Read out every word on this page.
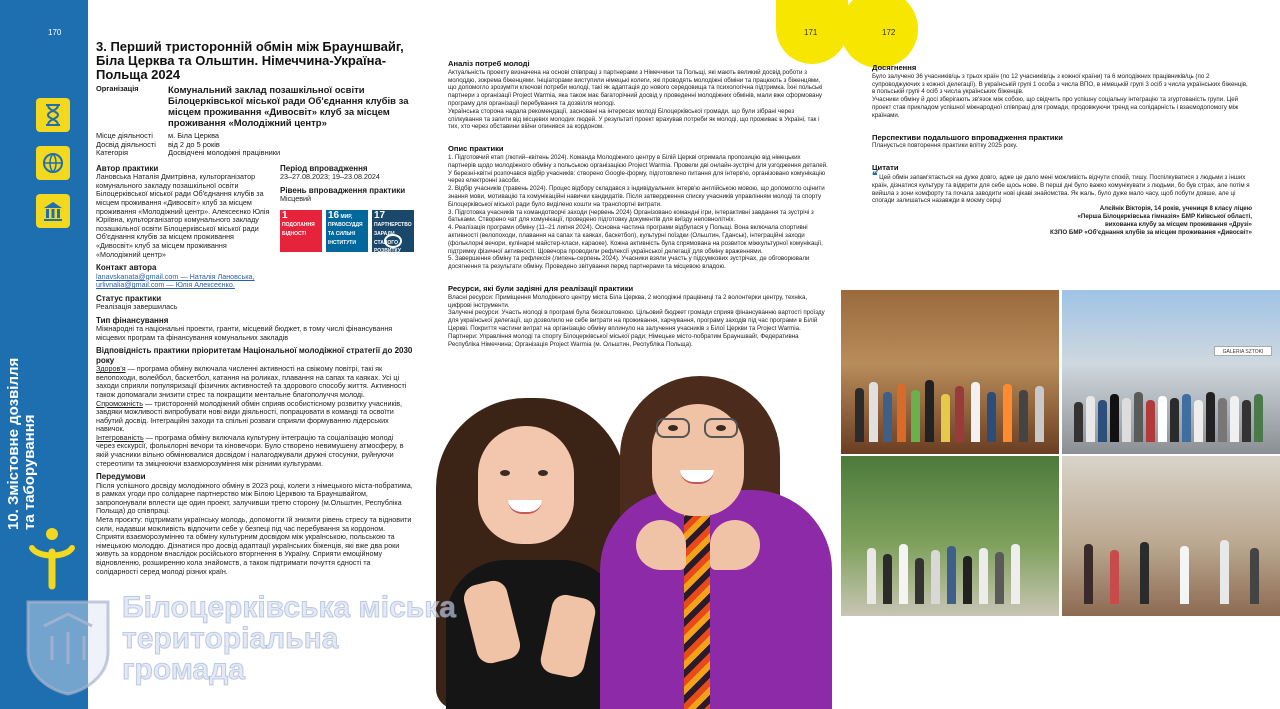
170
10. Змістовне дозвілля та таборування
3. Перший тристоронній обмін між Брауншвайг, Біла Церква та Ольштин. Німеччина-Україна-Польща 2024
Організація	Комунальний заклад позашкільної освіти Білоцерківської міської ради Об'єднання клубів за місцем проживання «Дивосвіт» клуб за місцем проживання «Молодіжний центр»
Місце діяльності	м. Біла Церква
Досвід діяльності	від 2 до 5 років
Категорія	Досвідчені молодіжні працівники
Автор практики
Лановська Наталія Дмитрівна, культорганізатор комунального закладу позашкільної освіти Білоцерківської міської ради Об'єднання клубів за місцем проживання «Дивосвіт» клуб за місцем проживання «Молодіжний центр». Алексеєнко Юлія Юріївна, культорганізатор комунального закладу позашкільної освіти Білоцерківської міської ради Об'єднання клубів за місцем проживання «Дивосвіт» клуб за місцем проживання «Молодіжний центр»
Період впровадження
23–27.08.2023; 19–23.08.2024
Рівень впровадження практики
Місцевий
1 ПОДОЛАННЯ БІДНОСТІ
16 МИР, ПРАВОСУДДЯ ТА СИЛЬНІ ІНСТИТУТИ
17 ПАРТНЕРСТВО ЗАРАДИ СТАЛОГО РОЗВИТКУ
Контакт автора
lanavskanata@gmail.com — Наталія Лановська,
urlivnalia@gmail.com — Юлія Алексеєнко.
Статус практики
Реалізація завершилась
Тип фінансування
Міжнародні та національні проекти, гранти, місцевий бюджет, в тому числі фінансування місцевих програм та фінансування комунальних закладів
Відповідність практики пріоритетам Національної молодіжної стратегії до 2030 року
Здоров'я — програма обміну включала численні активності на свіжому повітрі, такі як велопоходи, волейбол, баскетбол, катання на роликах, плавання на сапах та каяках. Усі ці заходи сприяли популяризації фізичних активностей та здорового способу життя. Активності також допомагали знизити стрес та покращити ментальне благополуччя молоді.
Спроможність — тристоронній молодіжний обмін сприяв особистісному розвитку учасників, завдяки можливості випробувати нові види діяльності, попрацювати в команді та освоїти набутий досвід. Інтеграційні заходи та спільні розваги сприяли формуванню лідерських навичок.
Інтегрованість — програма обміну включала культурну інтеграцію та соціалізацію молоді через екскурсії, фольклорні вечори та кіновечори. Було створено невимушену атмосферу, в якій учасники вільно обмінювалися досвідом і налагоджували дружні стосунки, руйнуючи стереотипи та зміцнюючи взаєморозуміння між різними культурами.
Передумови
Після успішного досвіду молодіжного обміну в 2023 році, колеги з німецького міста-побратима, в рамках угоди про солідарне партнерство між Білою Церквою та Брауншвайгом, запропонували вплести ще один проект, залучивши третю сторону (м.Ольштин, Республіка Польща) до співпраці.
Мета проєкту: підтримати українську молодь, допомогти їй знизити рівень стресу та відновити сили, надавши можливість відпочити себе у безпеці під час перебування за кордоном. Сприяти взаєморозумінню та обміну культурним досвідом між українською, польською та німецькою молоддю. Дізнатися про досвід адаптації українських біженців, які вже два роки живуть за кордоном внаслідок російського вторгнення в Україну. Сприяти емоційному відновленню, розширенню кола знайомств, а також підтримати почуття єдності та солідарності серед молоді різних країн.
171	172
Аналіз потреб молоді
Актуальність проекту визначена на основі співпраці з партнерами з Німеччини та Польщі, які мають великий досвід роботи з молоддю, зокрема біженцями. Ініціаторами виступили німецькі колеги, які проводять молодіжні обміни та працюють з біженцями, що допомогло зрозуміти ключові потреби молоді, такі як адаптація до нового середовища та психологічна підтримка. Їхні польські партнери з організації Project Warmia, яка також має багаторічний досвід у проведенні молодіжних обмінів, мали вже сформовану програму для організації перебування та дозвілля молоді.
Українська сторона надала рекомендації, засновані на інтересах молоді Білоцерківської громади, що були зібрані через спілкування та запити від місцевих молодих людей. У результаті проект врахував потреби як молоді, що проживає в Україні, так і тих, хто через обставини війни опинився за кордоном.
Опис практики
1. Підготовчий етап (лютий–квітень 2024). Команда Молодіжного центру в Білій Церкві отримала пропозицію від німецьких партнерів щодо молодіжного обміну з польською організацією Project Warmia. Провели дві онлайн-зустрічі для узгодження деталей. У березні-квітні розпочався відбір учасників: створено Google-форму, підготовлено питання для інтерв'ю, організовано комунікацію через електронні засоби.
2. Відбір учасників (травень 2024). Процес відбору складався з індивідуальних інтерв'ю англійською мовою, що допомогло оцінити знання мови, мотивацію та комунікаційні навички кандидатів. Після затвердження списку учасників управлінням молоді та спорту Білоцерківської міської ради було виділено кошти на транспортні витрати.
3. Підготовка учасників та командотворчі заходи (червень 2024) Організовано командні ігри, інтерактивні завдання та зустрічі з батьками. Створено чат для комунікації, проведено підготовку документів для виїзду неповнолітніх.
4. Реалізація програми обміну (11–21 липня 2024). Основна частина програми відбулася у Польщі. Вона включала спортивні активності (велопоходи, плавання на сапах та каяках, баскетбол), культурні поїздки (Ольштин, Гданськ), інтеграційні заходи (фольклорні вечори, кулінарні майстер-класи, караоке). Кожна активність була спрямована на розвиток міжкультурної комунікації, підтримку фізичної активності. Щовечора проводили рефлексії української делегації для обміну враженнями.
5. Завершення обміну та рефлексія (липень-серпень 2024). Учасники взяли участь у підсумкових зустрічах, де обговорювали досягнення та результати обміну. Проведено звітування перед партнерами та місцевою владою.
Ресурси, які були задіяні для реалізації практики
Власні ресурси: Приміщення Молодіжного центру міста Біла Церква, 2 молодіжні працівниці та 2 волонтерки центру, техніка, цифрові інструменти.
Залучені ресурси: Участь молоді в програмі була безкоштовною. Цільовий бюджет громади сприяв фінансуванню вартості проїзду для української делегації, що дозволило не себе витрати на проживання, харчування, програму заходів під час програми в Білій Церкві. Покриття частини витрат на організацію обміну вплинуло на залучення учасників з Білої Церкви та Project Warmia.
Партнери: Управління молоді та спорту Білоцерківської міської ради; Німецьке місто-побратим Брауншвайг, Федеративна Республіка Німеччина; Організація Project Warmia (м. Ольштин, Республіка Польща).
Досягнення
Було залучено 36 учасників/ць з трьох країн (по 12 учасників/ць з кожної країни) та 6 молодіжних працівників/ць (по 2 супроводжуючих з кожної делегації). В українській групі 1 особа з числа ВПО, в німецькій групі 3 осіб з числа українських біженців, в польській групі 4 осіб з числа українських біженців.
Учасники обміну й досі зберігають зв'язок між собою, що свідчить про успішну соціальну інтеграцію та згуртованість групи. Цей проект став прикладом успішної міжнародної співпраці для громади, продовжуючи тренд на солідарність і взаємодопомогу між країнами.
Перспективи подальшого впровадження практики
Планується повторення практики влітку 2025 року.
Цитати
❝ Цей обмін запам'ятається на дуже довго, адже це дало мені можливість відчути спокій, тишу. Поспілкуватися з людьми з інших країн, дізнатися культуру та відкрити для себе щось нове. В перші дні було важко комунікувати з людьми, бо був страх, але потім я вийшла з зони комфорту та почала заводити нові цікаві знайомства. Як жаль, було дуже мало часу, щоб побути довше, але ці спогади залишаться назавжди в моєму серці
Алєйнік Вікторія, 14 років, учениця 8 класу ліцею
«Перша Білоцерківська гімназія» БМР Київської області,
вихованка клубу за місцем проживання «Друзі»
КЗПО БМР «Об'єднання клубів за місцем проживання «Дивосвіт»
GALERIA SZTOKI
Білоцерківська міська
територіальна
громада
